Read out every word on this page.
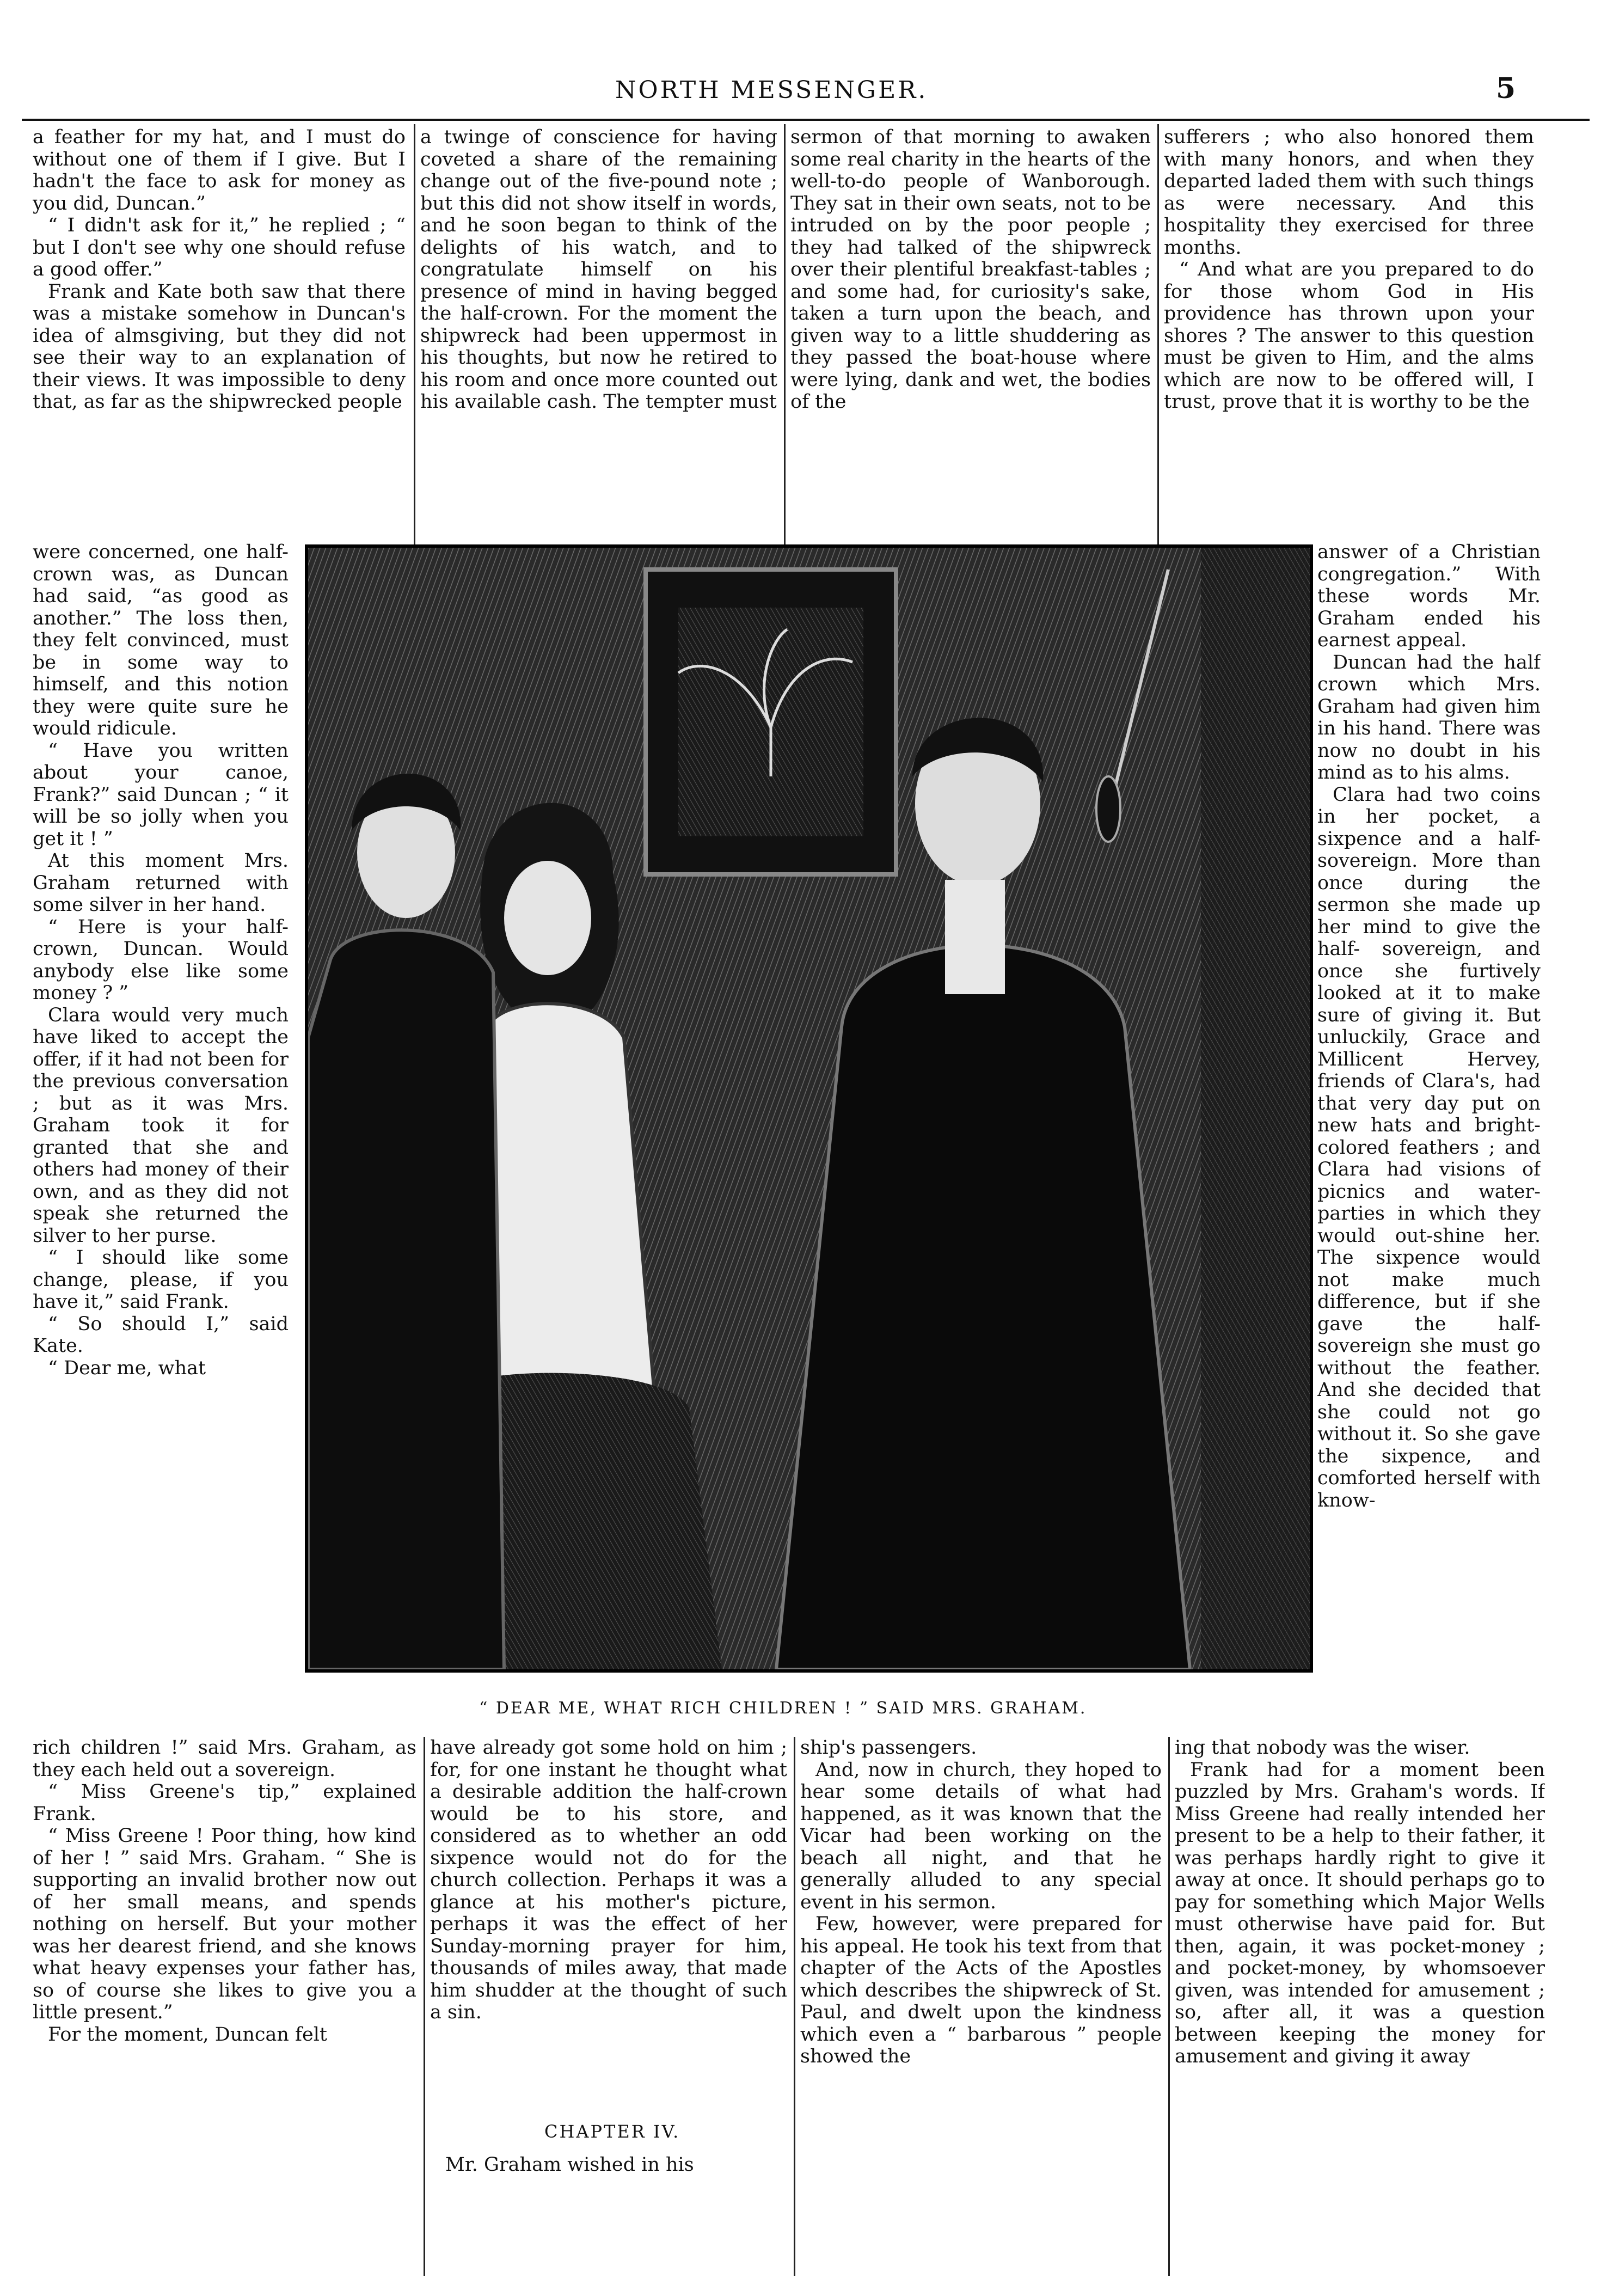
NORTH MESSENGER.	5

a feather for my hat, and I must do without one of them if I give. But I hadn't the face to ask for money as you did, Duncan.”

“ I didn't ask for it,” he replied ; “ but I don't see why one should refuse a good offer.”

Frank and Kate both saw that there was a mistake somehow in Duncan's idea of almsgiving, but they did not see their way to an explanation of their views. It was impossible to deny that, as far as the shipwrecked people

were concerned, one half-crown was, as Duncan had said, “as good as another.” The loss then, they felt convinced, must be in some way to himself, and this notion they were quite sure he would ridicule.

“ Have you written about your canoe, Frank?” said Duncan ; “ it will be so jolly when you get it ! ”

At this moment Mrs. Graham returned with some silver in her hand.

“ Here is your half-crown, Duncan. Would anybody else like some money ? ”

Clara would very much have liked to accept the offer, if it had not been for the previous conversation ; but as it was Mrs. Graham took it for granted that she and others had money of their own, and as they did not speak she returned the silver to her purse.

“ I should like some change, please, if you have it,” said Frank.

“ So should I,” said Kate.

“ Dear me, what

rich children !” said Mrs. Graham, as they each held out a sovereign.

“ Miss Greene's tip,” explained Frank.

“ Miss Greene ! Poor thing, how kind of her ! ” said Mrs. Graham. “ She is supporting an invalid brother now out of her small means, and spends nothing on herself. But your mother was her dearest friend, and she knows what heavy expenses your father has, so of course she likes to give you a little present.”

For the moment, Duncan felt

a twinge of conscience for having coveted a share of the remaining change out of the five-pound note ; but this did not show itself in words, and he soon began to think of the delights of his watch, and to congratulate himself on his presence of mind in having begged the half-crown. For the moment the shipwreck had been uppermost in his thoughts, but now he retired to his room and once more counted out his available cash. The tempter must

have already got some hold on him ; for, for one instant he thought what a desirable addition the half-crown would be to his store, and considered as to whether an odd sixpence would not do for the church collection. Perhaps it was a glance at his mother's picture, perhaps it was the effect of her Sunday-morning prayer for him, thousands of miles away, that made him shudder at the thought of such a sin.

CHAPTER IV.

Mr. Graham wished in his

sermon of that morning to awaken some real charity in the hearts of the well-to-do people of Wanborough. They sat in their own seats, not to be intruded on by the poor people ; they had talked of the shipwreck over their plentiful breakfast-tables ; and some had, for curiosity's sake, taken a turn upon the beach, and given way to a little shuddering as they passed the boat-house where were lying, dank and wet, the bodies of the

ship's passengers.

And, now in church, they hoped to hear some details of what had happened, as it was known that the Vicar had been working on the beach all night, and that he generally alluded to any special event in his sermon.

Few, however, were prepared for his appeal. He took his text from that chapter of the Acts of the Apostles which describes the shipwreck of St. Paul, and dwelt upon the kindness which even a “ barbarous ” people showed the

sufferers ; who also honored them with many honors, and when they departed laded them with such things as were necessary. And this hospitality they exercised for three months.

“ And what are you prepared to do for those whom God in His providence has thrown upon your shores ? The answer to this question must be given to Him, and the alms which are now to be offered will, I trust, prove that it is worthy to be the

answer of a Christian congregation.” With these words Mr. Graham ended his earnest appeal.

Duncan had the half crown which Mrs. Graham had given him in his hand. There was now no doubt in his mind as to his alms.

Clara had two coins in her pocket, a sixpence and a half-sovereign. More than once during the sermon she made up her mind to give the half- sovereign, and once she furtively looked at it to make sure of giving it. But unluckily, Grace and Millicent Hervey, friends of Clara's, had that very day put on new hats and bright-colored feathers ; and Clara had visions of picnics and water-parties in which they would out-shine her. The sixpence would not make much difference, but if she gave the half-sovereign she must go without the feather. And she decided that she could not go without it. So she gave the sixpence, and comforted herself with know-

ing that nobody was the wiser.

Frank had for a moment been puzzled by Mrs. Graham's words. If Miss Greene had really intended her present to be a help to their father, it was perhaps hardly right to give it away at once. It should perhaps go to pay for something which Major Wells must otherwise have paid for. But then, again, it was pocket-money ; and pocket-money, by whomsoever given, was intended for amusement ; so, after all, it was a question between keeping the money for amusement and giving it away

“ DEAR ME, WHAT RICH CHILDREN ! ” SAID MRS. GRAHAM.
